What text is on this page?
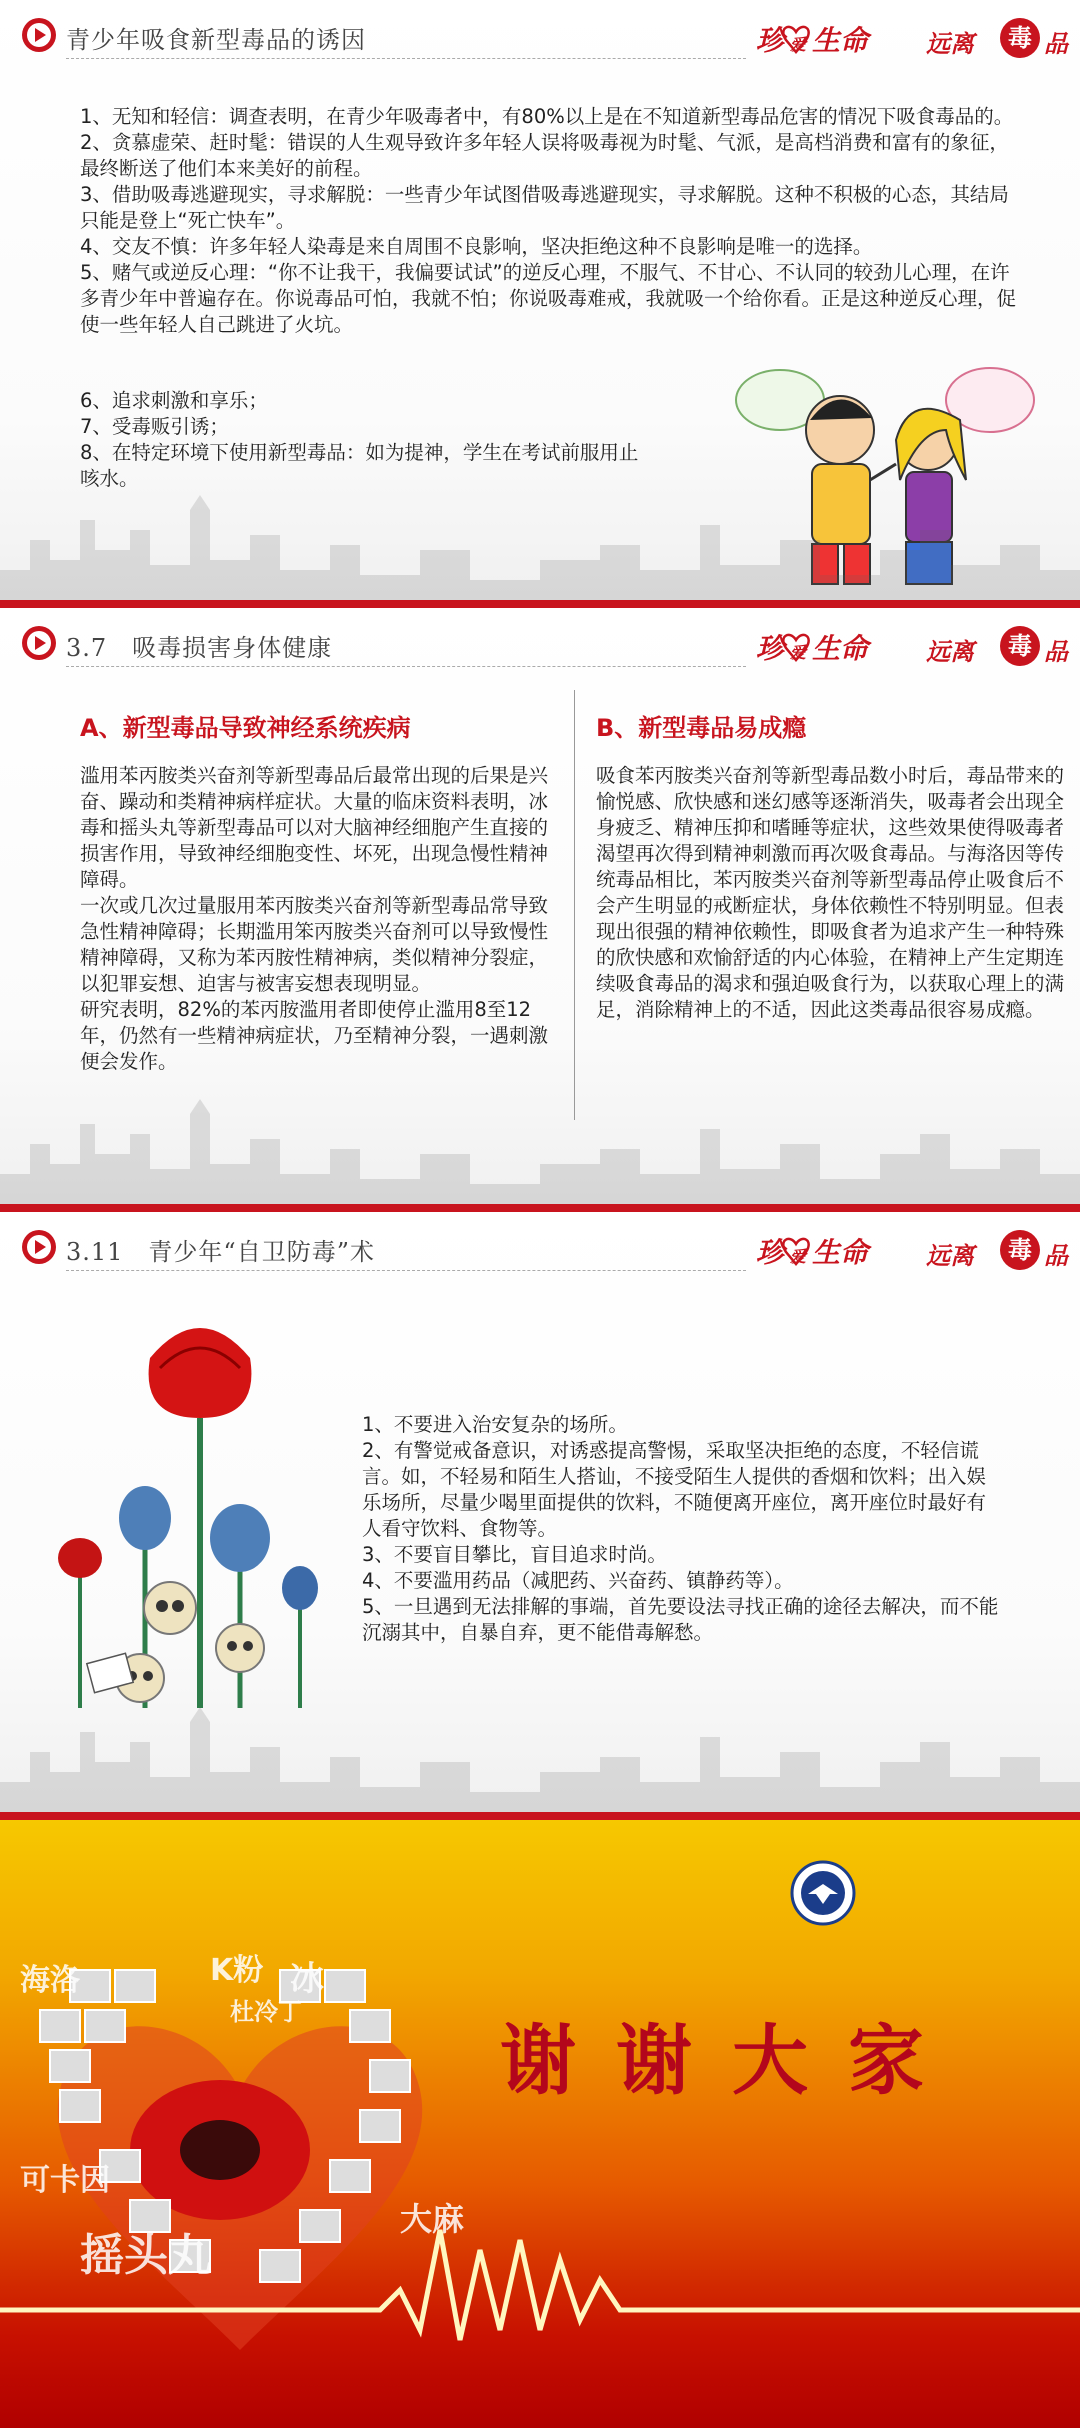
青少年吸食新型毒品的诱因	珍 爱 生命 远离	毒 品

1、无知和轻信：调查表明，在青少年吸毒者中，有80%以上是在不知道新型毒品危害的情况下吸食毒品的。

2、贪慕虚荣、赶时髦：错误的人生观导致许多年轻人误将吸毒视为时髦、气派，是高档消费和富有的象征，最终断送了他们本来美好的前程。

3、借助吸毒逃避现实，寻求解脱：一些青少年试图借吸毒逃避现实，寻求解脱。这种不积极的心态，其结局只能是登上“死亡快车”。

4、交友不慎：许多年轻人染毒是来自周围不良影响，坚决拒绝这种不良影响是唯一的选择。

5、赌气或逆反心理：“你不让我干，我偏要试试”的逆反心理，不服气、不甘心、不认同的较劲儿心理，在许多青少年中普遍存在。你说毒品可怕，我就不怕；你说吸毒难戒，我就吸一个给你看。正是这种逆反心理，促使一些年轻人自己跳进了火坑。

6、追求刺激和享乐；

7、受毒贩引诱；

8、在特定环境下使用新型毒品：如为提神，学生在考试前服用止咳水。

3.7　吸毒损害身体健康	珍 爱 生命 远离	毒 品
A、新型毒品导致神经系统疾病

滥用苯丙胺类兴奋剂等新型毒品后最常出现的后果是兴奋、躁动和类精神病样症状。大量的临床资料表明，冰毒和摇头丸等新型毒品可以对大脑神经细胞产生直接的损害作用，导致神经细胞变性、坏死，出现急慢性精神障碍。

一次或几次过量服用苯丙胺类兴奋剂等新型毒品常导致急性精神障碍；长期滥用笨丙胺类兴奋剂可以导致慢性精神障碍，又称为苯丙胺性精神病，类似精神分裂症，以犯罪妄想、迫害与被害妄想表现明显。

研究表明，82%的苯丙胺滥用者即使停止滥用8至12年，仍然有一些精神病症状，乃至精神分裂，一遇刺激便会发作。

B、新型毒品易成瘾

吸食苯丙胺类兴奋剂等新型毒品数小时后，毒品带来的愉悦感、欣快感和迷幻感等逐渐消失，吸毒者会出现全身疲乏、精神压抑和嗜睡等症状，这些效果使得吸毒者渴望再次得到精神刺激而再次吸食毒品。与海洛因等传统毒品相比，苯丙胺类兴奋剂等新型毒品停止吸食后不会产生明显的戒断症状，身体依赖性不特别明显。但表现出很强的精神依赖性，即吸食者为追求产生一种特殊的欣快感和欢愉舒适的内心体验，在精神上产生定期连续吸食毒品的渴求和强迫吸食行为，以获取心理上的满足，消除精神上的不适，因此这类毒品很容易成瘾。

3.11　青少年“自卫防毒”术	珍 爱 生命 远离	毒 品

1、不要进入治安复杂的场所。

2、有警觉戒备意识，对诱惑提高警惕，采取坚决拒绝的态度，不轻信谎言。如，不轻易和陌生人搭讪，不接受陌生人提供的香烟和饮料；出入娱乐场所，尽量少喝里面提供的饮料，不随便离开座位，离开座位时最好有人看守饮料、食物等。

3、不要盲目攀比，盲目追求时尚。

4、不要滥用药品（减肥药、兴奋药、镇静药等）。

5、一旦遇到无法排解的事端，首先要设法寻找正确的途径去解决，而不能沉溺其中，自暴自弃，更不能借毒解愁。

海洛	K粉 冰
杜冷丁
可卡因
摇头丸
大麻
谢谢大家
